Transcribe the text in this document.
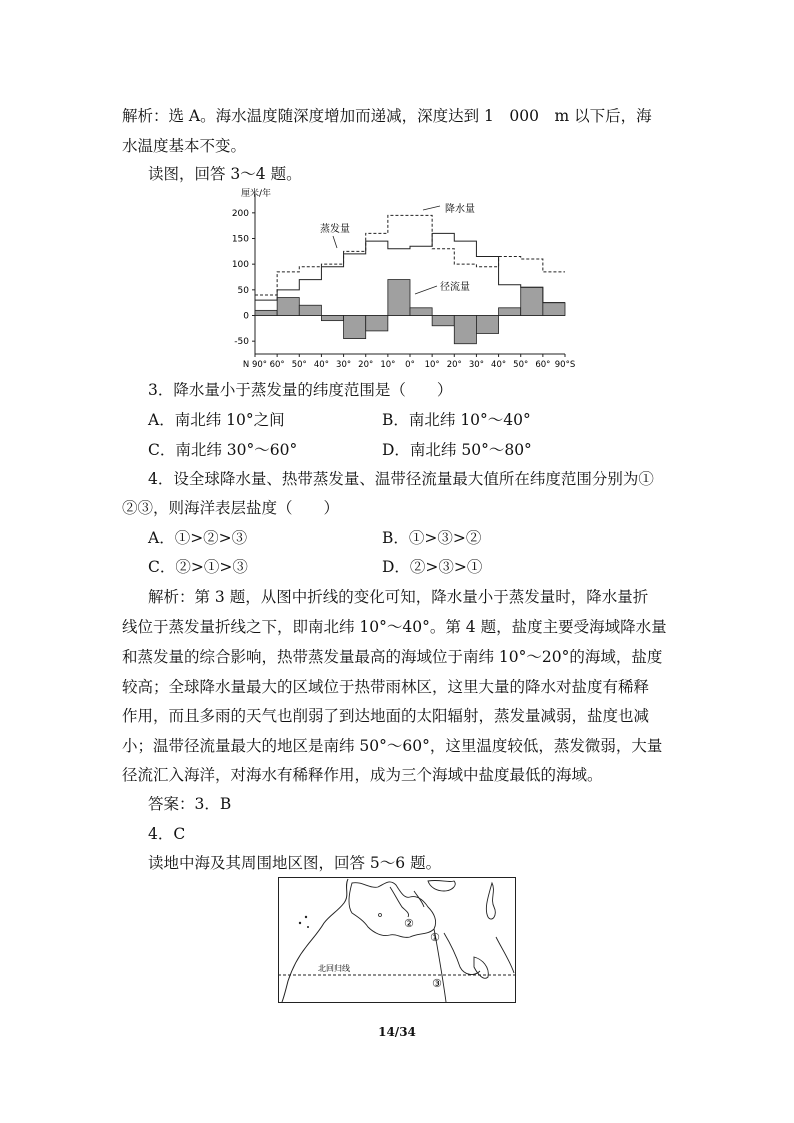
解析：选 A。海水温度随深度增加而递减，深度达到 1　000　m 以下后，海
水温度基本不变。
读图，回答 3～4 题。
200
150
100
50
0
-50
厘米/年
N 90° 60° 50° 40° 30° 20° 10° 0° 10° 20° 30° 40° 50° 60° 90°S
降水量
蒸发量
径流量
3．降水量小于蒸发量的纬度范围是（　　）
A．南北纬 10°之间	B．南北纬 10°～40°
C．南北纬 30°～60°	D．南北纬 50°～80°
4．设全球降水量、热带蒸发量、温带径流量最大值所在纬度范围分别为①
②③，则海洋表层盐度（　　）
A．①>②>③	B．①>③>②
C．②>①>③	D．②>③>①
解析：第 3 题，从图中折线的变化可知，降水量小于蒸发量时，降水量折
线位于蒸发量折线之下，即南北纬 10°～40°。第 4 题，盐度主要受海域降水量
和蒸发量的综合影响，热带蒸发量最高的海域位于南纬 10°～20°的海域，盐度
较高；全球降水量最大的区域位于热带雨林区，这里大量的降水对盐度有稀释
作用，而且多雨的天气也削弱了到达地面的太阳辐射，蒸发量减弱，盐度也减
小；温带径流量最大的地区是南纬 50°～60°，这里温度较低，蒸发微弱，大量
径流汇入海洋，对海水有稀释作用，成为三个海域中盐度最低的海域。
答案：3．B
4．C
读地中海及其周围地区图，回答 5～6 题。
北回归线
①
②
③
14/34
